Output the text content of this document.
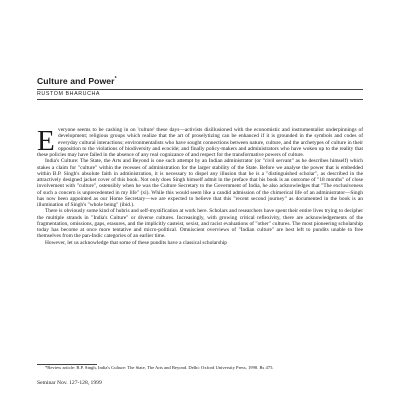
Culture and Power*
RUSTOM BHARUCHA

veryone seems to be cashing in on 'culture' these days—activists disillusioned with the economistic and instrumentalist underpinnings of development; religious groups which realize that the art of proselytizing can be enhanced if it is grounded in the symbols and codes of everyday cultural interactions; environmentalists who have sought connections between nature, culture, and the archetypes of culture in their opposition to the violations of biodiversity and ecocide; and finally policy-makers and administrators who have woken up to the reality that these policies may have failed in the absence of any real cognizance of and respect for the transformative powers of culture.

India's Culture: The State, the Arts and Beyond is one such attempt by an Indian administrator (or "civil servant" as he describes himself) which stakes a claim for "culture" within the recesses of administration for the larger stability of the State. Before we analyse the power that is embedded within B.P. Singh's absolute faith in administration, it is necessary to dispel any illusion that he is a "distinguished scholar", as described in the attractively designed jacket cover of this book. Not only does Singh himself admit in the preface that his book is an outcome of "18 months" of close involvement with "culture", ostensibly when he was the Culture Secretary to the Government of India, he also acknowledges that "The exclusiveness of such a concern is unprecedented in my life" (xi). While this would seem like a candid admission of the chimerical life of an administrator—Singh has now been appointed as our Home Secretary—we are expected to believe that this "recent second journey" as documented in the book is an illumination of Singh's "whole being" (ibid.).

There is obviously some kind of hubris and self-mystification at work here. Scholars and researchers have spent their entire lives trying to decipher the multiple strands in "India's Culture" or diverse cultures. Increasingly, with growing critical reflexivity, there are acknowledgements of the fragmentation, omissions, gaps, erasures, and the implicitly casteist, sexist, and racist evaluations of "other" cultures. The most pioneering scholarship today has become at once more tentative and micro-political. Omniscient overviews of "Indian culture" are best left to pundits unable to free themselves from the pan-Indic categories of an earlier time.

However, let us acknowledge that some of these pundits have a classical scholarship

E

*Review article: B.P. Singh, India's Culture: The State, The Arts and Beyond. Delhi: Oxford University Press, 1998. Rs 475.

Seminar Nov. 127-128, 1999
